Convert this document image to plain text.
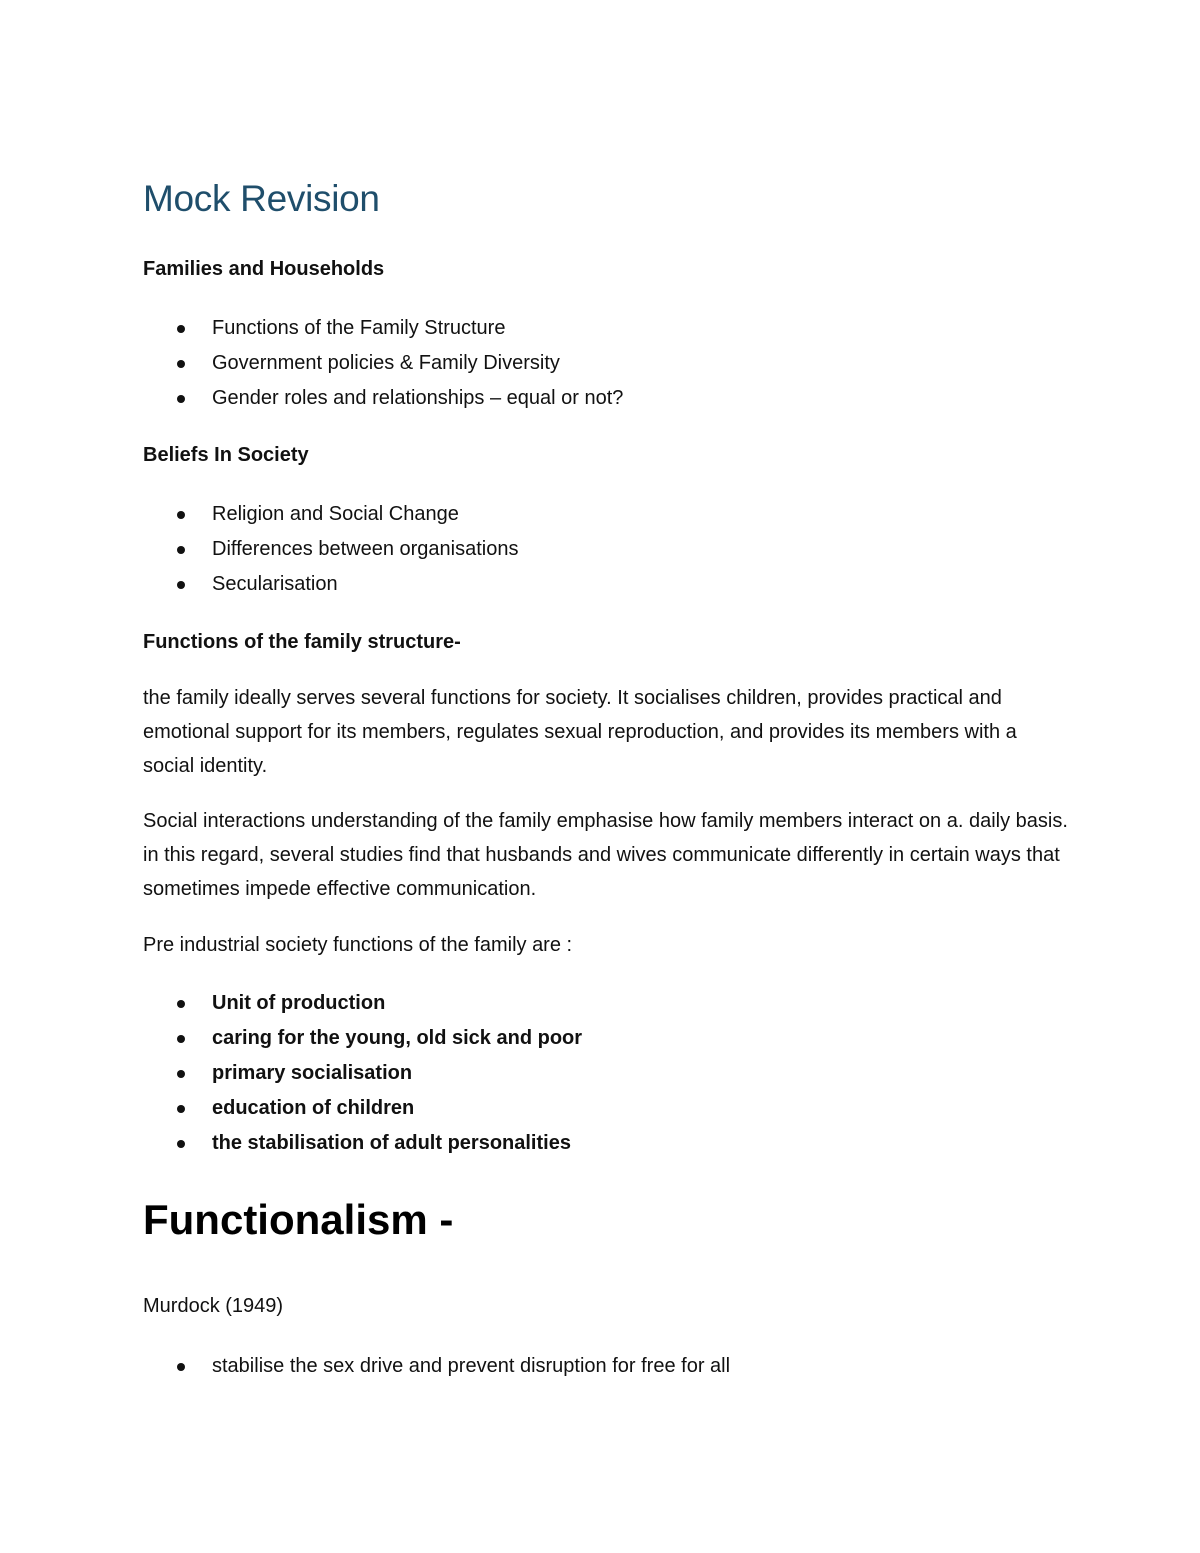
Mock Revision
Families and Households
Functions of the Family Structure
Government policies & Family Diversity
Gender roles and relationships – equal or not?
Beliefs In Society
Religion and Social Change
Differences between organisations
Secularisation
Functions of the family structure-

the family ideally serves several functions for society. It socialises children, provides practical and emotional support for its members, regulates sexual reproduction, and provides its members with a social identity.

Social interactions understanding of the family emphasise how family members interact on a. daily basis. in this regard, several studies find that husbands and wives communicate differently in certain ways that sometimes impede effective communication.

Pre industrial society functions of the family are :

Unit of production
caring for the young, old sick and poor
primary socialisation
education of children
the stabilisation of adult personalities
Functionalism -

Murdock (1949)

stabilise the sex drive and prevent disruption for free for all
